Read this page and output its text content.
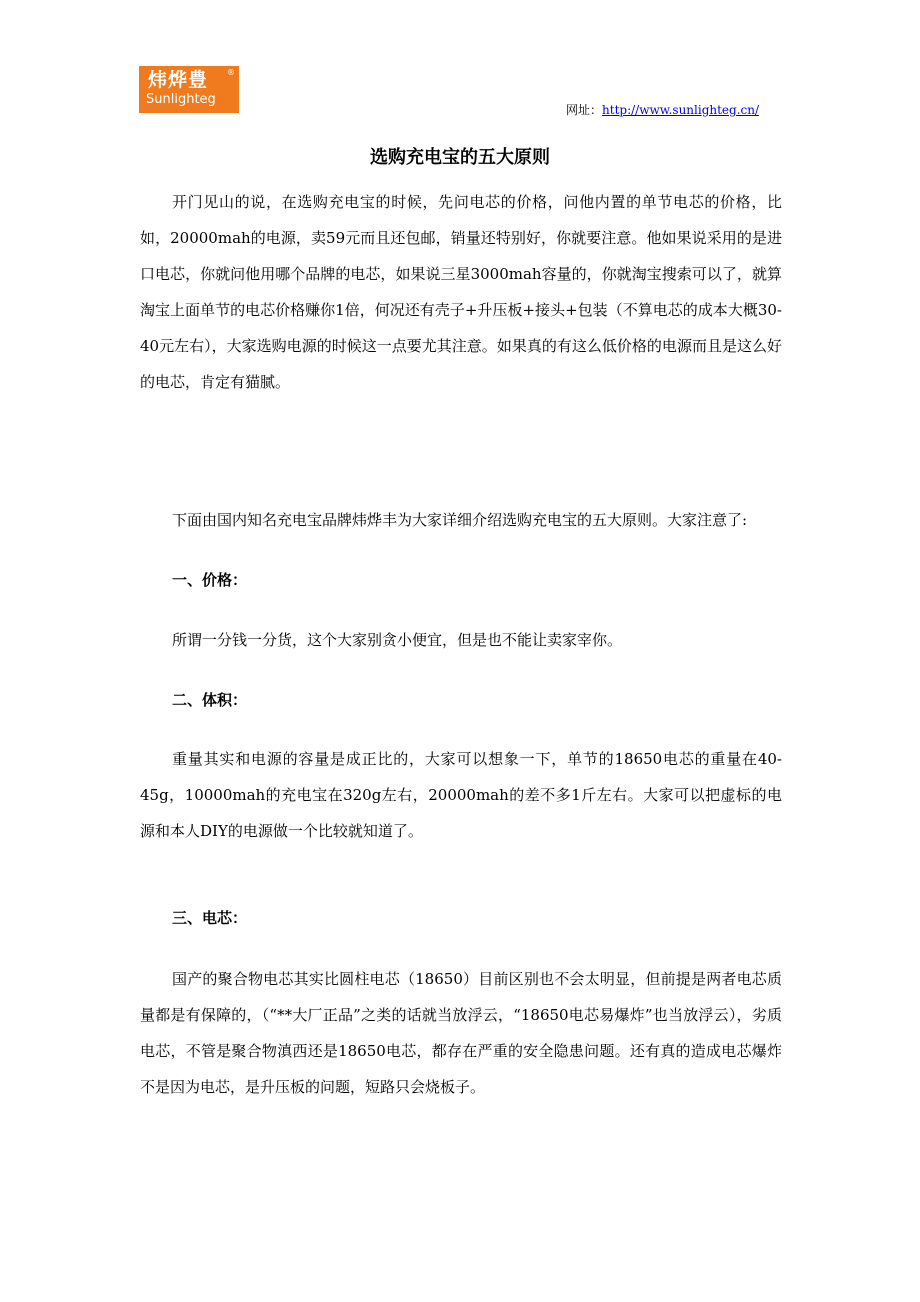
炜烨豊 ®
Sunlighteg
网址：http://www.sunlighteg.cn/
选购充电宝的五大原则

开门见山的说，在选购充电宝的时候，先问电芯的价格，问他内置的单节电芯的价格，比如，20000mah的电源，卖59元而且还包邮，销量还特别好，你就要注意。他如果说采用的是进口电芯，你就问他用哪个品牌的电芯，如果说三星3000mah容量的，你就淘宝搜索可以了，就算淘宝上面单节的电芯价格赚你1倍，何况还有壳子+升压板+接头+包装（不算电芯的成本大概30-40元左右），大家选购电源的时候这一点要尤其注意。如果真的有这么低价格的电源而且是这么好的电芯，肯定有猫腻。

下面由国内知名充电宝品牌炜烨丰为大家详细介绍选购充电宝的五大原则。大家注意了:

一、价格：

所谓一分钱一分货，这个大家别贪小便宜，但是也不能让卖家宰你。

二、体积：

重量其实和电源的容量是成正比的，大家可以想象一下，单节的18650电芯的重量在40-45g，10000mah的充电宝在320g左右，20000mah的差不多1斤左右。大家可以把虚标的电源和本人DIY的电源做一个比较就知道了。

三、电芯：

国产的聚合物电芯其实比圆柱电芯（18650）目前区别也不会太明显，但前提是两者电芯质量都是有保障的，（“**大厂正品”之类的话就当放浮云，“18650电芯易爆炸”也当放浮云），劣质电芯，不管是聚合物滇西还是18650电芯，都存在严重的安全隐患问题。还有真的造成电芯爆炸不是因为电芯，是升压板的问题，短路只会烧板子。
